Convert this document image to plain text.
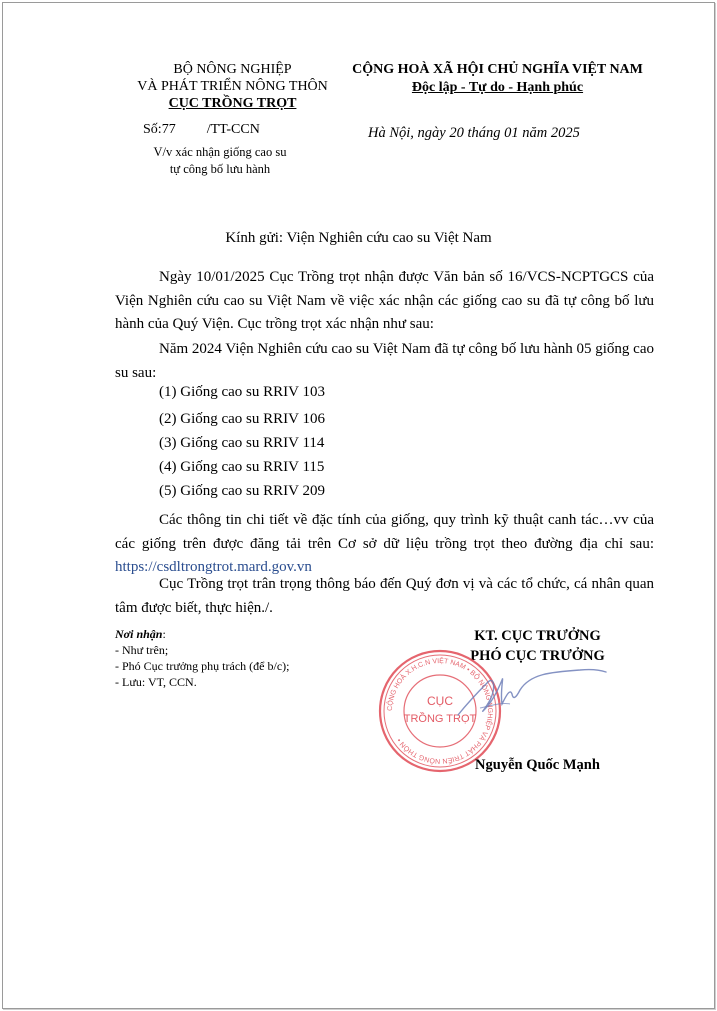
BỘ NÔNG NGHIỆP
VÀ PHÁT TRIỂN NÔNG THÔN
CỤC TRỒNG TRỌT
CỘNG HOÀ XÃ HỘI CHỦ NGHĨA VIỆT NAM
Độc lập - Tự do - Hạnh phúc
Số:77 /TT-CCN	Hà Nội, ngày 20 tháng 01 năm 2025
V/v xác nhận giống cao su
tự công bố lưu hành
Kính gửi: Viện Nghiên cứu cao su Việt Nam
Ngày 10/01/2025 Cục Trồng trọt nhận được Văn bản số 16/VCS-NCPTGCS của Viện Nghiên cứu cao su Việt Nam về việc xác nhận các giống cao su đã tự công bố lưu hành của Quý Viện. Cục trồng trọt xác nhận như sau:
Năm 2024 Viện Nghiên cứu cao su Việt Nam đã tự công bố lưu hành 05 giống cao su sau:
(1) Giống cao su RRIV 103
(2) Giống cao su RRIV 106
(3) Giống cao su RRIV 114
(4) Giống cao su RRIV 115
(5) Giống cao su RRIV 209
Các thông tin chi tiết về đặc tính của giống, quy trình kỹ thuật canh tác…vv của các giống trên được đăng tải trên Cơ sở dữ liệu trồng trọt theo đường địa chỉ sau: https://csdltrongtrot.mard.gov.vn
Cục Trồng trọt trân trọng thông báo đến Quý đơn vị và các tổ chức, cá nhân quan tâm được biết, thực hiện./.
Nơi nhận:
- Như trên;
- Phó Cục trưởng phụ trách (để b/c);
- Lưu: VT, CCN.
KT. CỤC TRƯỞNG
PHÓ CỤC TRƯỞNG
CỘNG HOÀ X.H.C.N VIỆT NAM • BỘ NÔNG NGHIỆP VÀ PHÁT TRIỂN NÔNG THÔN •
CỤC
TRỒNG TRỌT
Nguyễn Quốc Mạnh
